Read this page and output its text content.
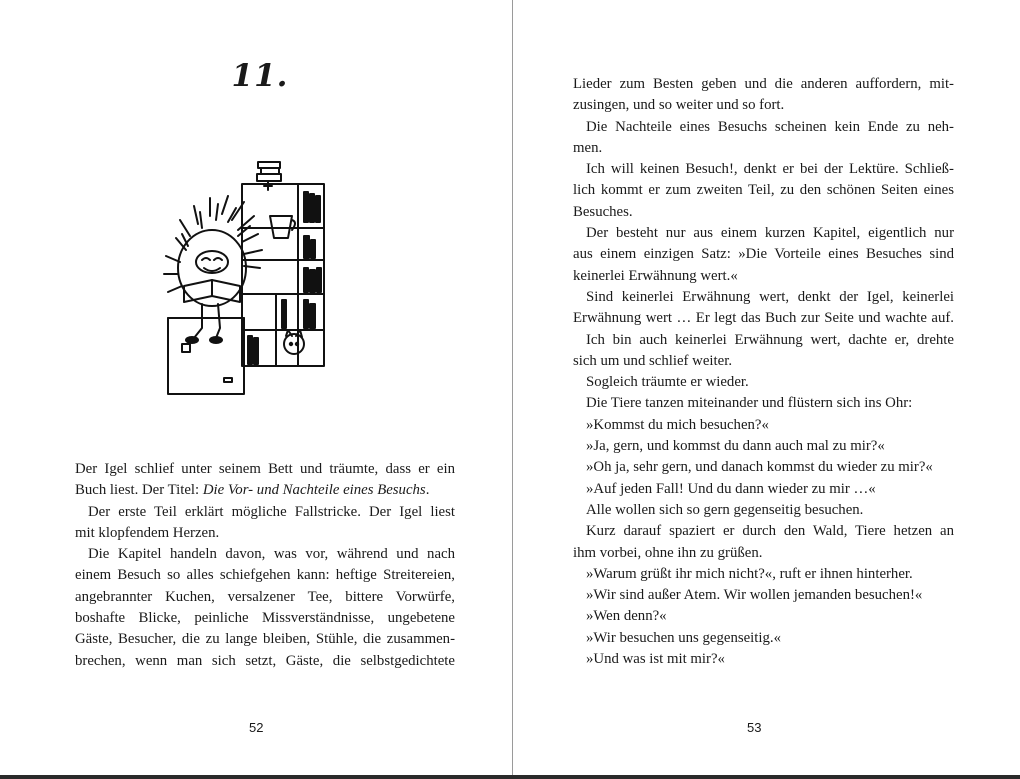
11.

Der Igel schlief unter seinem Bett und träumte, dass er ein

Buch liest. Der Titel: Die Vor- und Nachteile eines Besuchs.

Der erste Teil erklärt mögliche Fallstricke. Der Igel liest

mit klopfendem Herzen.

Die Kapitel handeln davon, was vor, während und nach

einem Besuch so alles schiefgehen kann: heftige Streitereien,

angebrannter Kuchen, versalzener Tee, bittere Vorwürfe,

boshafte Blicke, peinliche Missverständnisse, ungebetene

Gäste, Besucher, die zu lange bleiben, Stühle, die zusammen-

brechen, wenn man sich setzt, Gäste, die selbstgedichtete

Lieder zum Besten geben und die anderen auffordern, mit-

zusingen, und so weiter und so fort.

Die Nachteile eines Besuchs scheinen kein Ende zu neh-

men.

Ich will keinen Besuch!, denkt er bei der Lektüre. Schließ-

lich kommt er zum zweiten Teil, zu den schönen Seiten eines

Besuches.

Der besteht nur aus einem kurzen Kapitel, eigentlich nur

aus einem einzigen Satz: »Die Vorteile eines Besuches sind

keinerlei Erwähnung wert.«

Sind keinerlei Erwähnung wert, denkt der Igel, keinerlei

Erwähnung wert … Er legt das Buch zur Seite und wachte auf.

Ich bin auch keinerlei Erwähnung wert, dachte er, drehte

sich um und schlief weiter.

Sogleich träumte er wieder.

Die Tiere tanzen miteinander und flüstern sich ins Ohr:

»Kommst du mich besuchen?«

»Ja, gern, und kommst du dann auch mal zu mir?«

»Oh ja, sehr gern, und danach kommst du wieder zu mir?«

»Auf jeden Fall! Und du dann wieder zu mir …«

Alle wollen sich so gern gegenseitig besuchen.

Kurz darauf spaziert er durch den Wald, Tiere hetzen an

ihm vorbei, ohne ihn zu grüßen.

»Warum grüßt ihr mich nicht?«, ruft er ihnen hinterher.

»Wir sind außer Atem. Wir wollen jemanden besuchen!«

»Wen denn?«

»Wir besuchen uns gegenseitig.«

»Und was ist mit mir?«

52	53
